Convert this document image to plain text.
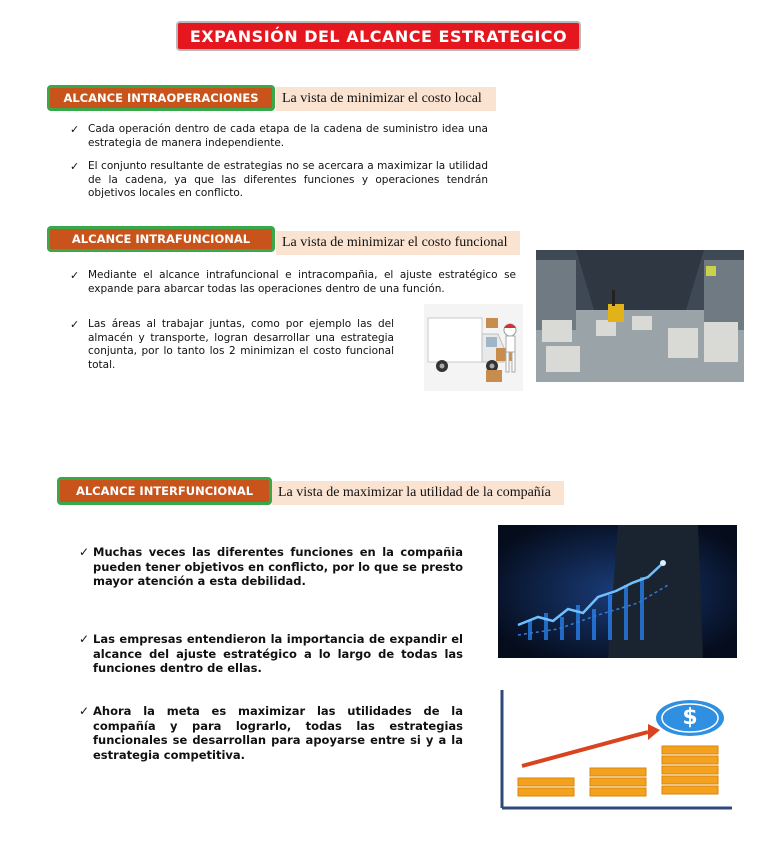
EXPANSIÓN DEL ALCANCE ESTRATEGICO
ALCANCE INTRAOPERACIONES La vista de minimizar el costo local
✓ Cada operación dentro de cada etapa de la cadena de suministro idea una estrategia de manera independiente.
✓ El conjunto resultante de estrategias no se acercara a maximizar la utilidad de la cadena, ya que las diferentes funciones y operaciones tendrán objetivos locales en conflicto.
ALCANCE INTRAFUNCIONAL La vista de minimizar el costo funcional
✓ Mediante el alcance intrafuncional e intracompañia, el ajuste estratégico se expande para abarcar todas las operaciones dentro de una función.
✓ Las áreas al trabajar juntas, como por ejemplo las del almacén y transporte, logran desarrollar una estrategia conjunta, por lo tanto los 2 minimizan el costo funcional total.
ALCANCE INTERFUNCIONAL La vista de maximizar la utilidad de la compañía
✓ Muchas veces las diferentes funciones en la compañia pueden tener objetivos en conflicto, por lo que se presto mayor atención a esta debilidad.
✓ Las empresas entendieron la importancia de expandir el alcance del ajuste estratégico a lo largo de todas las funciones dentro de ellas.
✓ Ahora la meta es maximizar las utilidades de la compañía y para lograrlo, todas las estrategias funcionales se desarrollan para apoyarse entre si y a la estrategia competitiva.
$
